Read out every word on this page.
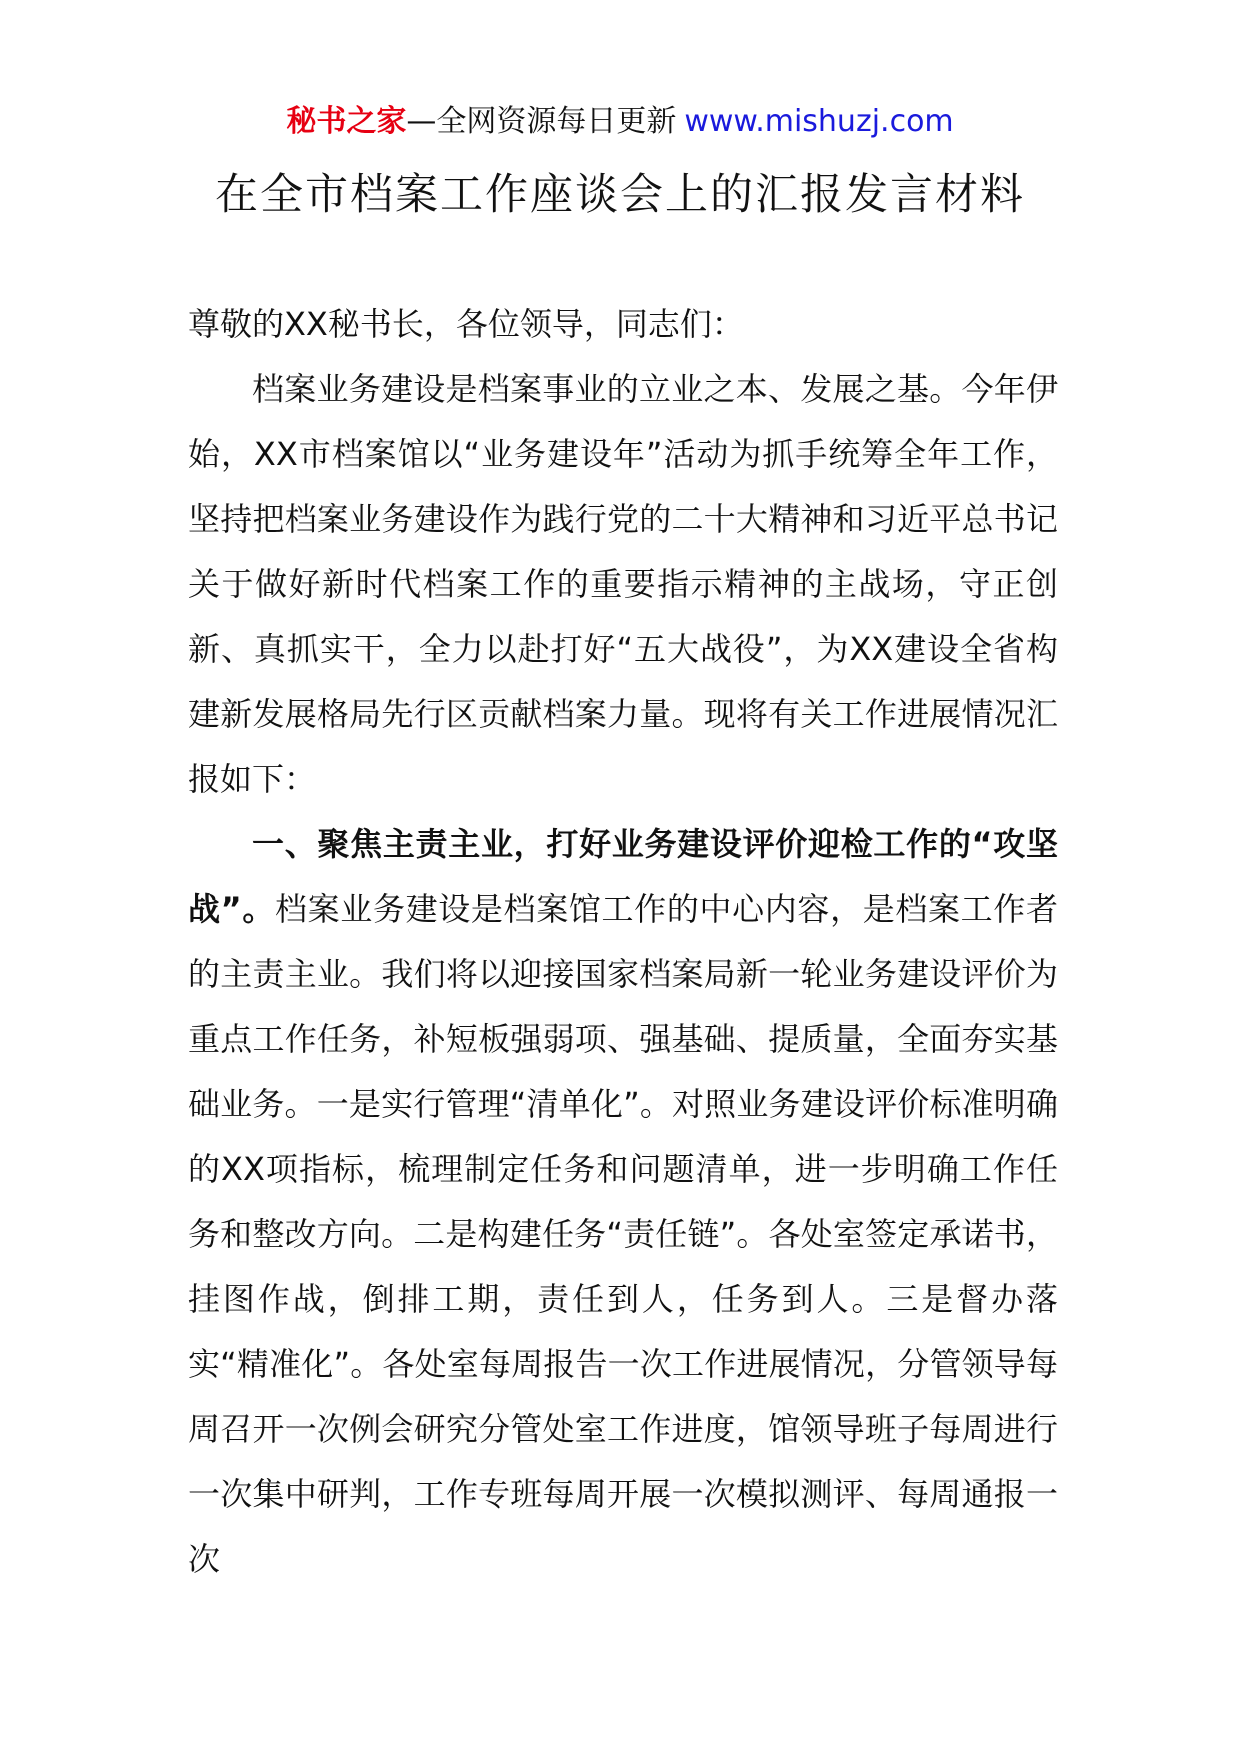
秘书之家—全网资源每日更新 www.mishuzj.com
在全市档案工作座谈会上的汇报发言材料

尊敬的XX秘书长，各位领导，同志们：

档案业务建设是档案事业的立业之本、发展之基。今年伊始，XX市档案馆以“业务建设年”活动为抓手统筹全年工作，坚持把档案业务建设作为践行党的二十大精神和习近平总书记关于做好新时代档案工作的重要指示精神的主战场，守正创新、真抓实干，全力以赴打好“五大战役”，为XX建设全省构建新发展格局先行区贡献档案力量。现将有关工作进展情况汇报如下：

一、聚焦主责主业，打好业务建设评价迎检工作的“攻坚战”。档案业务建设是档案馆工作的中心内容，是档案工作者的主责主业。我们将以迎接国家档案局新一轮业务建设评价为重点工作任务，补短板强弱项、强基础、提质量，全面夯实基础业务。一是实行管理“清单化”。对照业务建设评价标准明确的XX项指标，梳理制定任务和问题清单，进一步明确工作任务和整改方向。二是构建任务“责任链”。各处室签定承诺书，挂图作战，倒排工期，责任到人，任务到人。三是督办落实“精准化”。各处室每周报告一次工作进展情况，分管领导每周召开一次例会研究分管处室工作进度，馆领导班子每周进行一次集中研判，工作专班每周开展一次模拟测评、每周通报一次
